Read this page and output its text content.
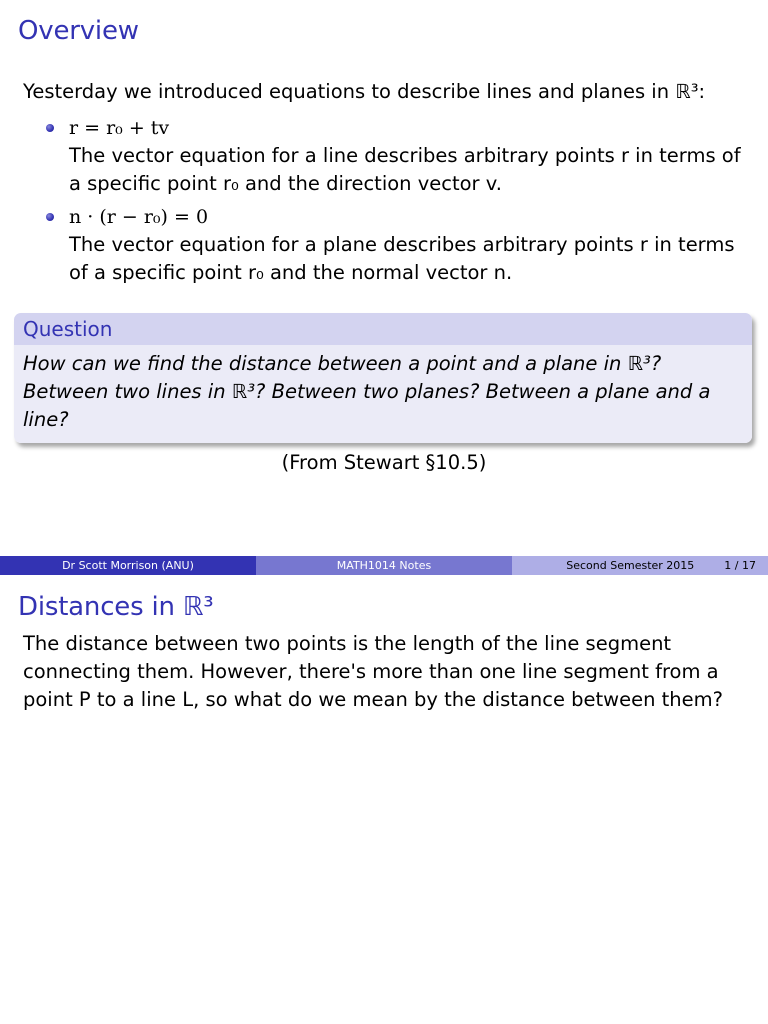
Overview
Yesterday we introduced equations to describe lines and planes in ℝ³:
r = r₀ + tv
The vector equation for a line describes arbitrary points r in terms of a specific point r₀ and the direction vector v.
n · (r − r₀) = 0
The vector equation for a plane describes arbitrary points r in terms of a specific point r₀ and the normal vector n.
Question
How can we find the distance between a point and a plane in ℝ³? Between two lines in ℝ³? Between two planes? Between a plane and a line?
(From Stewart §10.5)
Dr Scott Morrison (ANU)	MATH1014 Notes	Second Semester 2015	1 / 17
Distances in ℝ³
The distance between two points is the length of the line segment connecting them. However, there's more than one line segment from a point P to a line L, so what do we mean by the distance between them?
